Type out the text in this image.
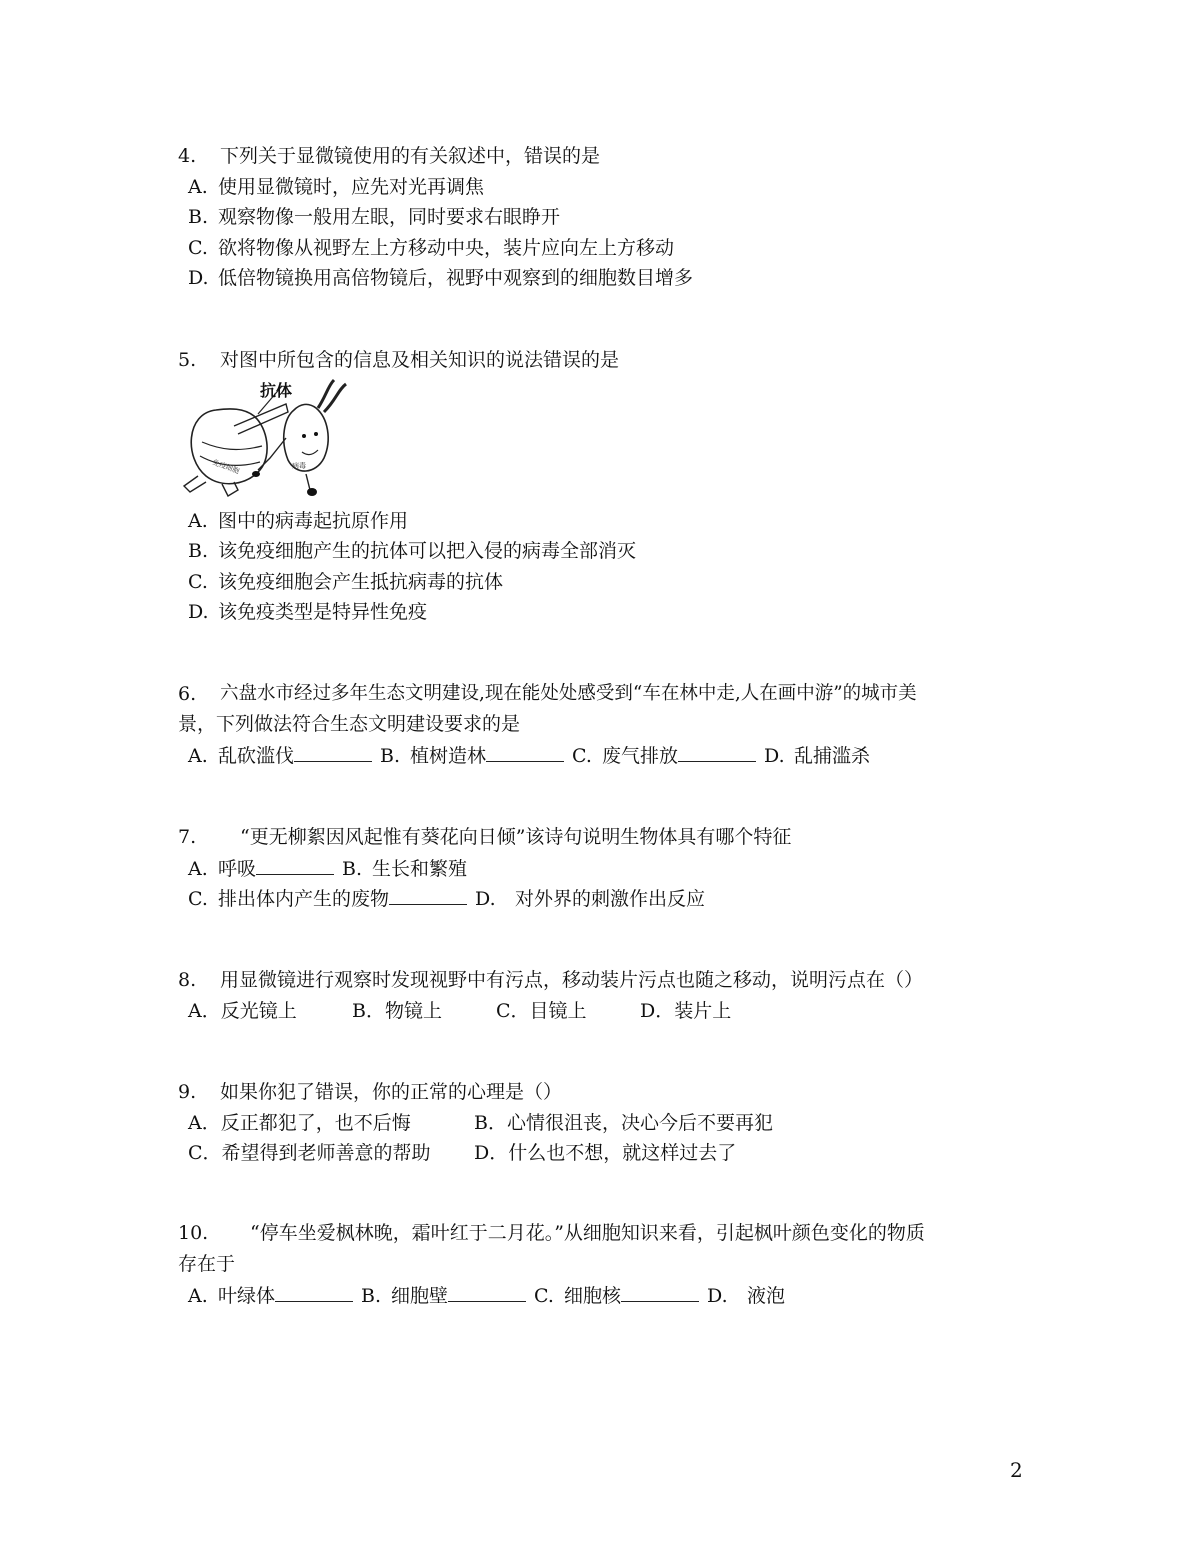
4. 下列关于显微镜使用的有关叙述中，错误的是
A. 使用显微镜时，应先对光再调焦
B. 观察物像一般用左眼，同时要求右眼睁开
C. 欲将物像从视野左上方移动中央，装片应向左上方移动
D. 低倍物镜换用高倍物镜后，视野中观察到的细胞数目增多
5. 对图中所包含的信息及相关知识的说法错误的是
抗体
免疫细胞	病毒
A. 图中的病毒起抗原作用
B. 该免疫细胞产生的抗体可以把入侵的病毒全部消灭
C. 该免疫细胞会产生抵抗病毒的抗体
D. 该免疫类型是特异性免疫
6. 六盘水市经过多年生态文明建设,现在能处处感受到“车在林中走,人在画中游”的城市美
景，下列做法符合生态文明建设要求的是
A. 乱砍滥伐	B. 植树造林	C. 废气排放	D. 乱捕滥杀
7. “更无柳絮因风起惟有葵花向日倾”该诗句说明生物体具有哪个特征
A. 呼吸	B. 生长和繁殖
C. 排出体内产生的废物	D. 对外界的刺激作出反应
8. 用显微镜进行观察时发现视野中有污点，移动装片污点也随之移动，说明污点在（）
A．反光镜上	B．物镜上	C．目镜上	D．装片上
9. 如果你犯了错误，你的正常的心理是（）
A．反正都犯了，也不后悔	B．心情很沮丧，决心今后不要再犯
C．希望得到老师善意的帮助 D．什么也不想，就这样过去了
10. “停车坐爱枫林晚，霜叶红于二月花。”从细胞知识来看，引起枫叶颜色变化的物质
存在于
A. 叶绿体	B. 细胞壁	C. 细胞核	D. 液泡
2
